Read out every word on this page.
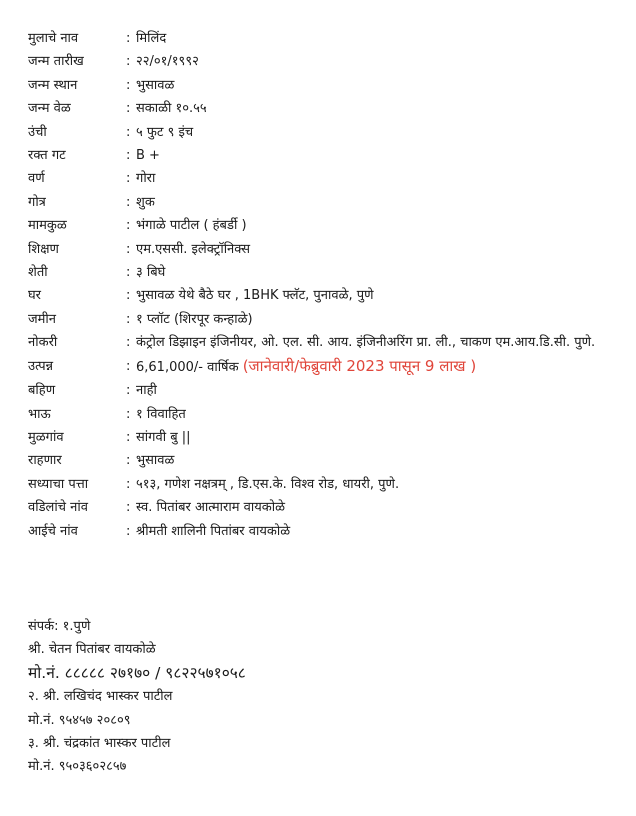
मुलाचे नाव	: मिलिंद
जन्म तारीख	: २२/०१/१९९२
जन्म स्थान	: भुसावळ
जन्म वेळ	: सकाळी १०.५५
उंची	: ५ फुट ९ इंच
रक्त गट	: B +
वर्ण	: गोरा
गोत्र	: शुक
मामकुळ	: भंगाळे पाटील ( हंबर्डी )
शिक्षण	: एम.एससी. इलेक्ट्रॉनिक्स
शेती	: ३ बिघे
घर	: भुसावळ येथे बैठे घर , 1BHK फ्लॅट, पुनावळे, पुणे
जमीन	: १ प्लॉट (शिरपूर कन्हाळे)
नोकरी	: कंट्रोल डिझाइन इंजिनीयर, ओ. एल. सी. आय. इंजिनीअरिंग प्रा. ली., चाकण एम.आय.डि.सी. पुणे.
उत्पन्न	: 6,61,000/- वार्षिक (जानेवारी/फेब्रुवारी 2023 पासून 9 लाख )
बहिण	: नाही
भाऊ	: १ विवाहित
मुळगांव	: सांगवी बु ||
राहणार	: भुसावळ
सध्याचा पत्ता	: ५१३, गणेश नक्षत्रम् , डि.एस.के. विश्व रोड, धायरी, पुणे.
वडिलांचे नांव	: स्व. पितांबर आत्माराम वायकोळे
आईचे नांव	: श्रीमती शालिनी पितांबर वायकोळे
संपर्क: १.पुणे
श्री. चेतन पितांबर वायकोळे
मो.नं. ८८८८८ २७१७० / ९८२२५७१०५८
२. श्री. लखिचंद भास्कर पाटील
मो.नं. ९५४५७ २०८०९
३. श्री. चंद्रकांत भास्कर पाटील
मो.नं. ९५०३६०२८५७
